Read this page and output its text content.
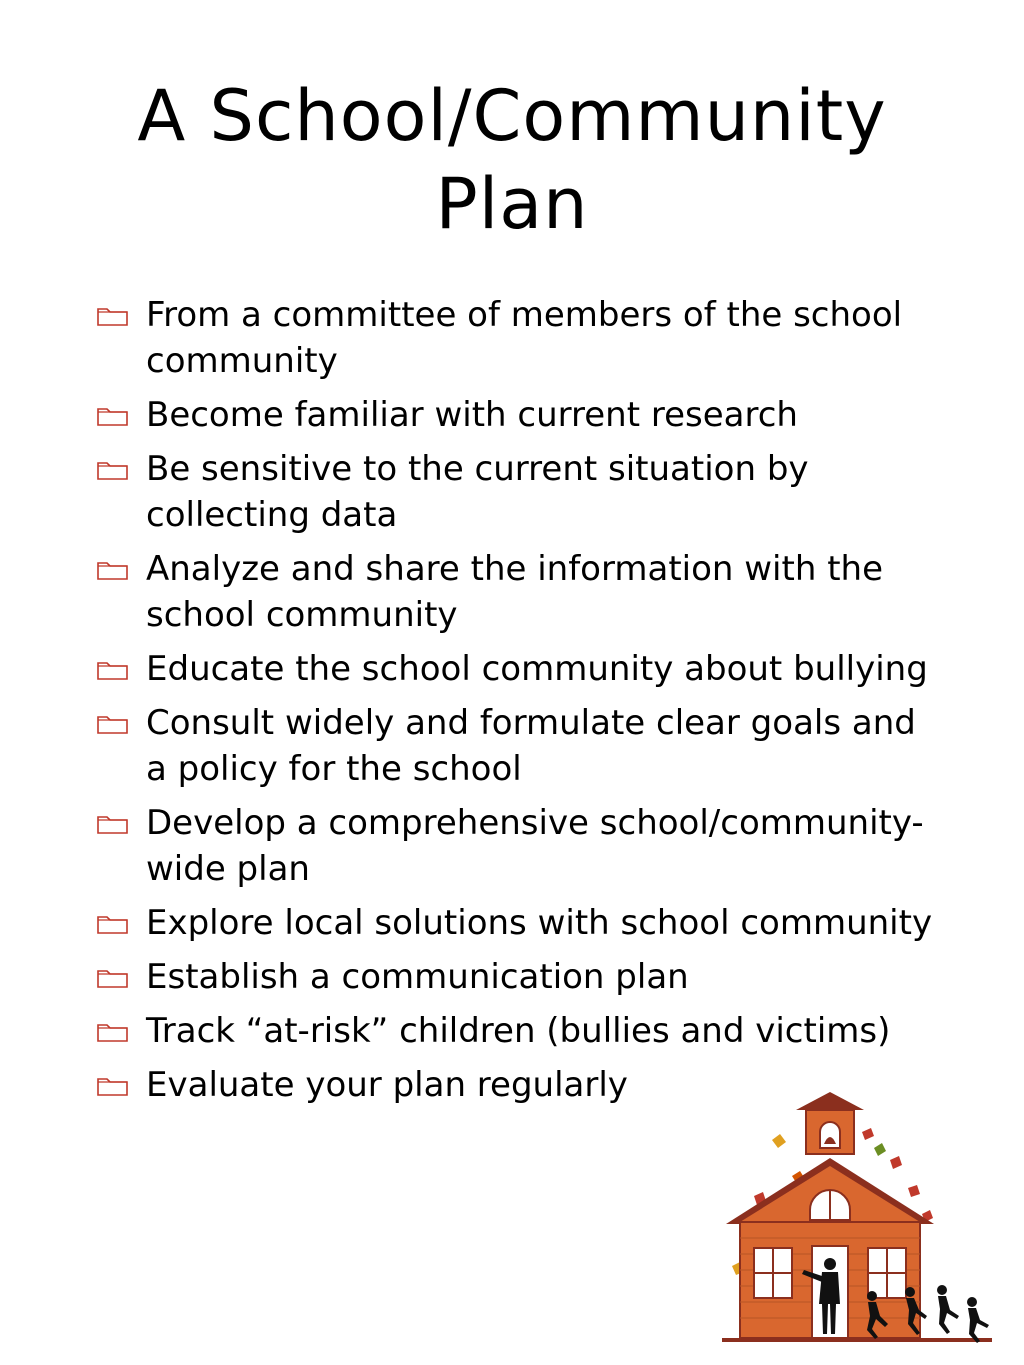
A School/Community Plan
From a committee of members of the school community
Become familiar with current research
Be sensitive to the current situation by collecting data
Analyze and share the information with the school community
Educate the school community about bullying
Consult widely and formulate clear goals and a policy for the school
Develop a comprehensive school/community-wide plan
Explore local solutions with school community
Establish a communication plan
Track “at-risk” children (bullies and victims)
Evaluate your plan regularly
